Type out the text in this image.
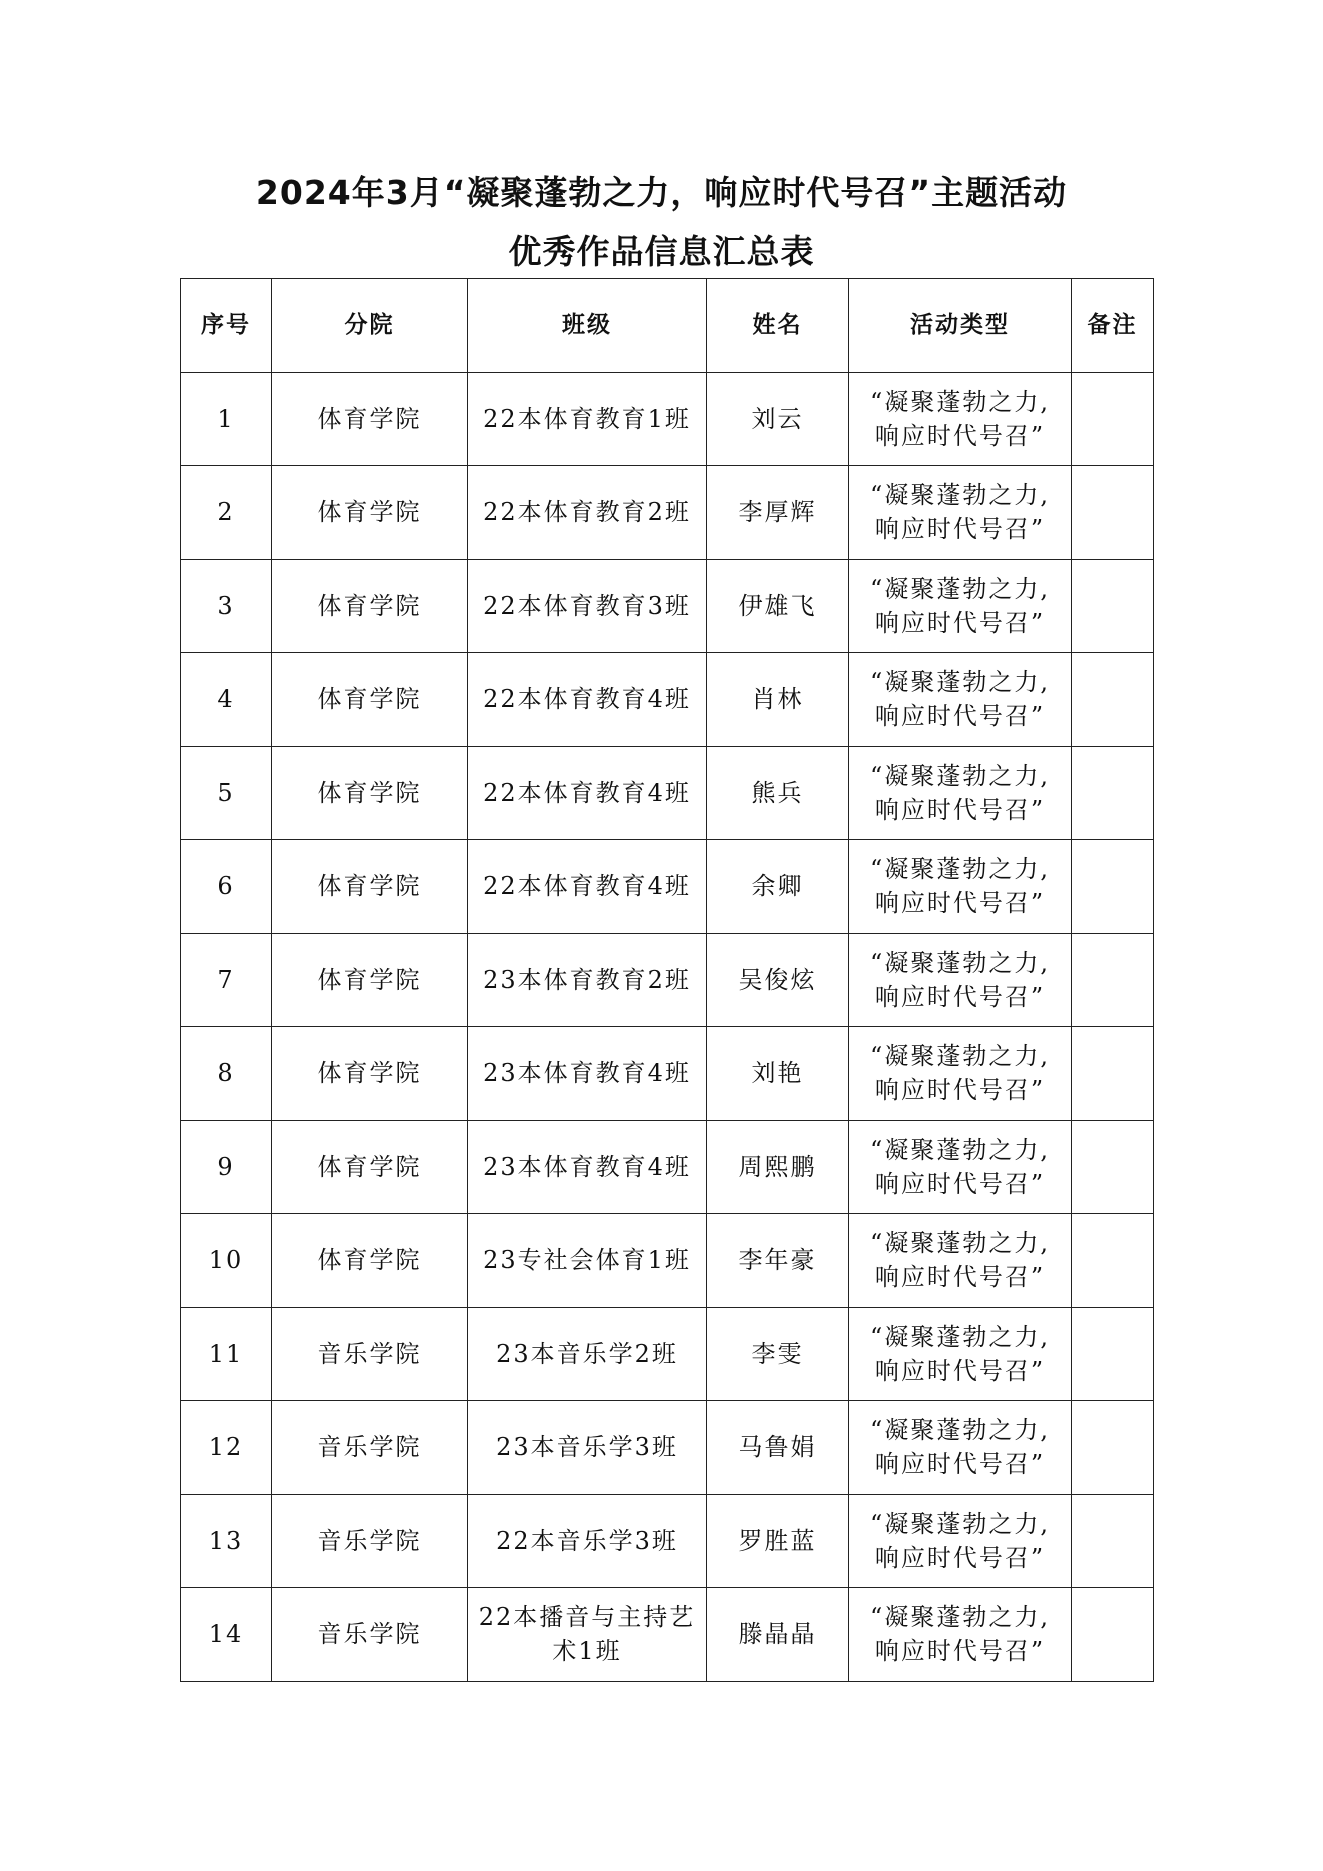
2024年3月“凝聚蓬勃之力，响应时代号召”主题活动
优秀作品信息汇总表
序号	分院	班级	姓名	活动类型	备注
1	体育学院	22本体育教育1班	刘云	“凝聚蓬勃之力,
响应时代号召”	

2	体育学院	22本体育教育2班	李厚辉	“凝聚蓬勃之力,
响应时代号召”	

3	体育学院	22本体育教育3班	伊雄飞	“凝聚蓬勃之力,
响应时代号召”	

4	体育学院	22本体育教育4班	肖林	“凝聚蓬勃之力,
响应时代号召”	

5	体育学院	22本体育教育4班	熊兵	“凝聚蓬勃之力,
响应时代号召”	

6	体育学院	22本体育教育4班	余卿	“凝聚蓬勃之力,
响应时代号召”	

7	体育学院	23本体育教育2班	吴俊炫	“凝聚蓬勃之力,
响应时代号召”	

8	体育学院	23本体育教育4班	刘艳	“凝聚蓬勃之力,
响应时代号召”	

9	体育学院	23本体育教育4班	周熙鹏	“凝聚蓬勃之力,
响应时代号召”	

10	体育学院	23专社会体育1班	李年豪	“凝聚蓬勃之力,
响应时代号召”	

11	音乐学院	23本音乐学2班	李雯	“凝聚蓬勃之力,
响应时代号召”	

12	音乐学院	23本音乐学3班	马鲁娟	“凝聚蓬勃之力,
响应时代号召”	

13	音乐学院	22本音乐学3班	罗胜蓝	“凝聚蓬勃之力,
响应时代号召”	

14	音乐学院	22本播音与主持艺术1班	滕晶晶	“凝聚蓬勃之力,
响应时代号召”	
